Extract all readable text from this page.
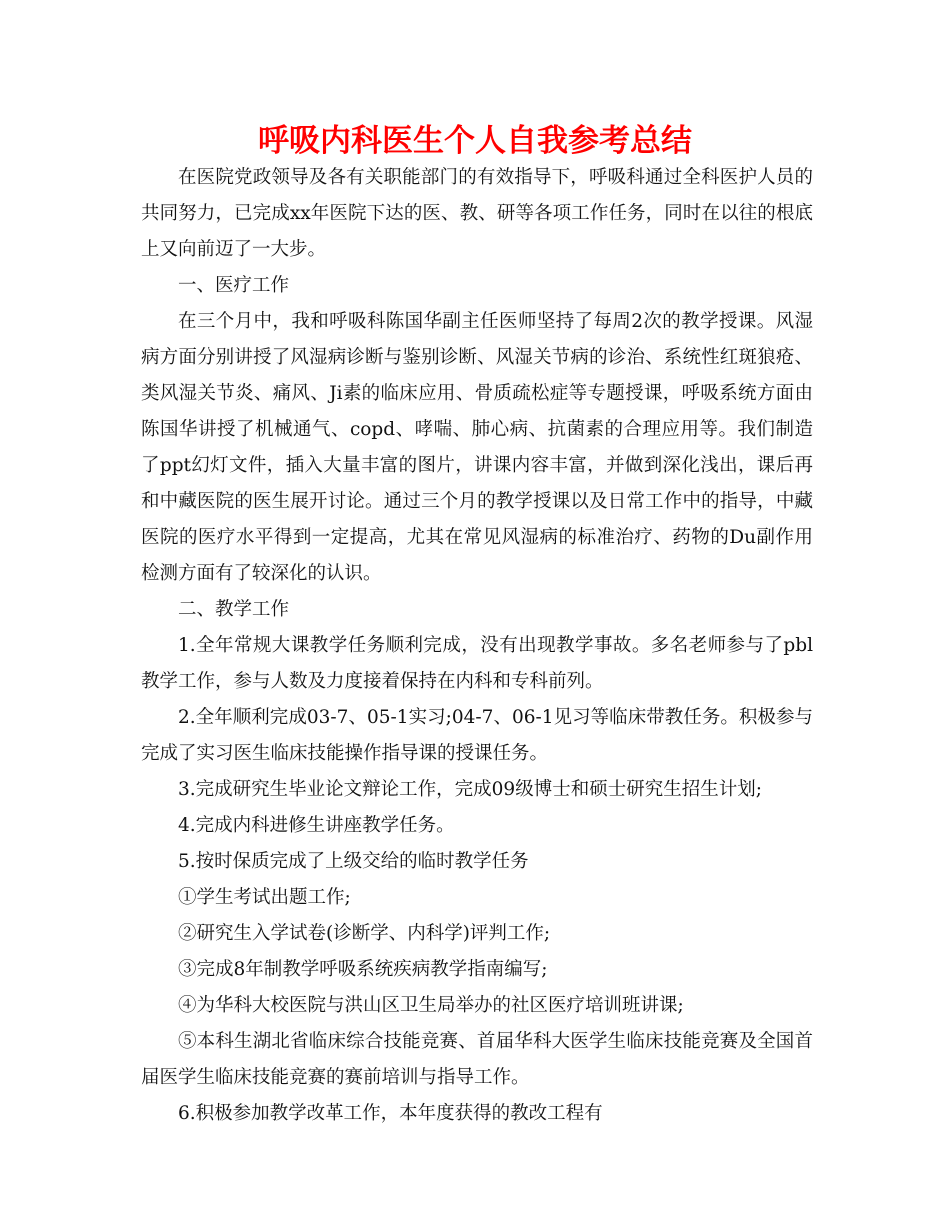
呼吸内科医生个人自我参考总结

在医院党政领导及各有关职能部门的有效指导下，呼吸科通过全科医护人员的共同努力，已完成xx年医院下达的医、教、研等各项工作任务，同时在以往的根底上又向前迈了一大步。

一、医疗工作

在三个月中，我和呼吸科陈国华副主任医师坚持了每周2次的教学授课。风湿病方面分别讲授了风湿病诊断与鉴别诊断、风湿关节病的诊治、系统性红斑狼疮、类风湿关节炎、痛风、Ji素的临床应用、骨质疏松症等专题授课，呼吸系统方面由陈国华讲授了机械通气、copd、哮喘、肺心病、抗菌素的合理应用等。我们制造了ppt幻灯文件，插入大量丰富的图片，讲课内容丰富，并做到深化浅出，课后再和中藏医院的医生展开讨论。通过三个月的教学授课以及日常工作中的指导，中藏医院的医疗水平得到一定提高，尤其在常见风湿病的标准治疗、药物的Du副作用检测方面有了较深化的认识。

二、教学工作

1.全年常规大课教学任务顺利完成，没有出现教学事故。多名老师参与了pbl教学工作，参与人数及力度接着保持在内科和专科前列。

2.全年顺利完成03-7、05-1实习;04-7、06-1见习等临床带教任务。积极参与完成了实习医生临床技能操作指导课的授课任务。

3.完成研究生毕业论文辩论工作，完成09级博士和硕士研究生招生计划;

4.完成内科进修生讲座教学任务。

5.按时保质完成了上级交给的临时教学任务

①学生考试出题工作;

②研究生入学试卷(诊断学、内科学)评判工作;

③完成8年制教学呼吸系统疾病教学指南编写;

④为华科大校医院与洪山区卫生局举办的社区医疗培训班讲课;

⑤本科生湖北省临床综合技能竞赛、首届华科大医学生临床技能竞赛及全国首届医学生临床技能竞赛的赛前培训与指导工作。

6.积极参加教学改革工作，本年度获得的教改工程有
